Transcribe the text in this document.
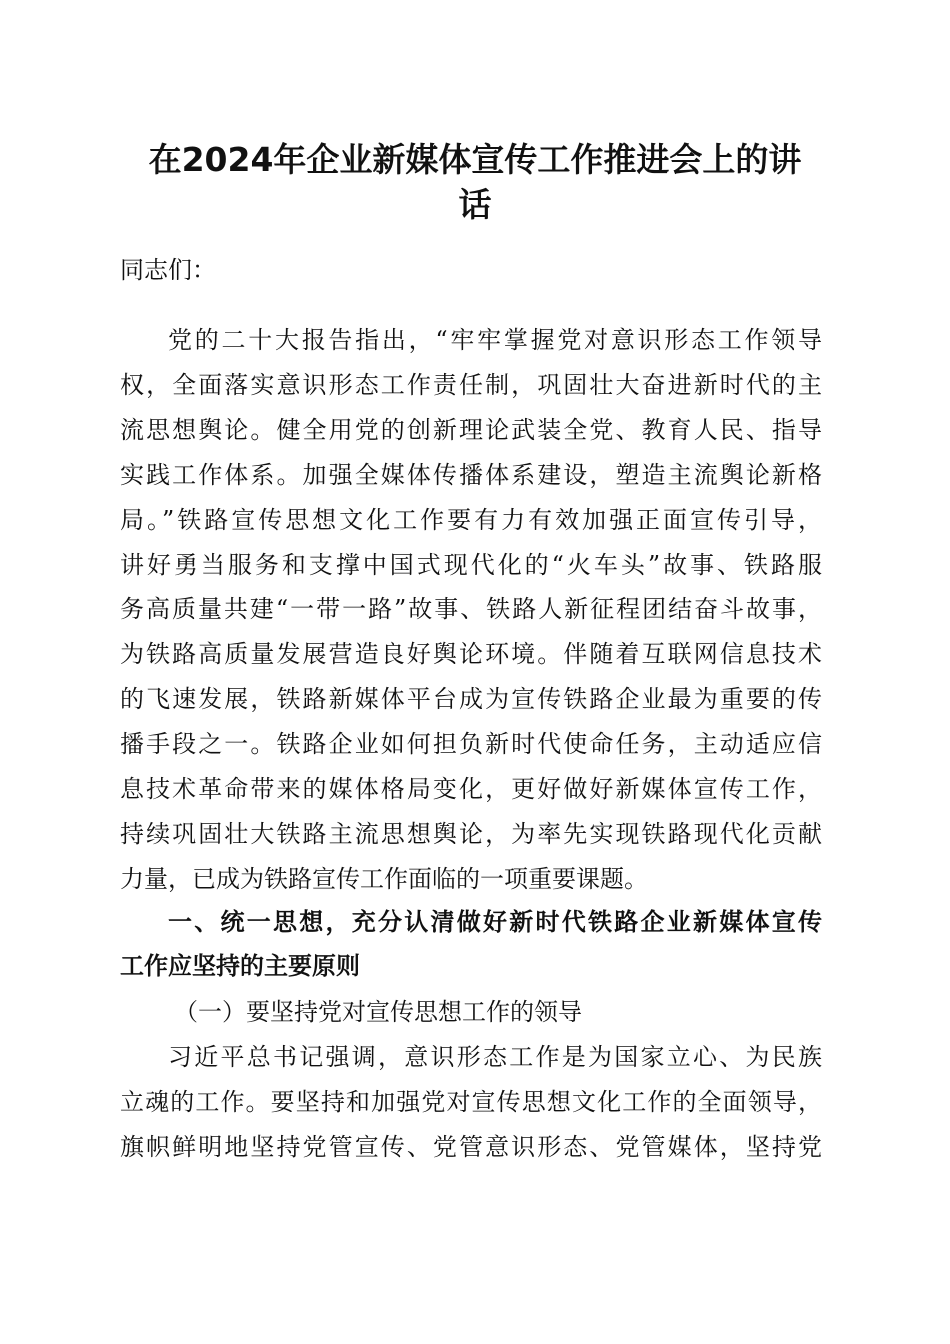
在2024年企业新媒体宣传工作推进会上的讲
话
同志们：
党的二十大报告指出，“牢牢掌握党对意识形态工作领导
权，全面落实意识形态工作责任制，巩固壮大奋进新时代的主
流思想舆论。健全用党的创新理论武装全党、教育人民、指导
实践工作体系。加强全媒体传播体系建设，塑造主流舆论新格
局。”铁路宣传思想文化工作要有力有效加强正面宣传引导，
讲好勇当服务和支撑中国式现代化的“火车头”故事、铁路服
务高质量共建“一带一路”故事、铁路人新征程团结奋斗故事，
为铁路高质量发展营造良好舆论环境。伴随着互联网信息技术
的飞速发展，铁路新媒体平台成为宣传铁路企业最为重要的传
播手段之一。铁路企业如何担负新时代使命任务，主动适应信
息技术革命带来的媒体格局变化，更好做好新媒体宣传工作，
持续巩固壮大铁路主流思想舆论，为率先实现铁路现代化贡献
力量，已成为铁路宣传工作面临的一项重要课题。
一、统一思想，充分认清做好新时代铁路企业新媒体宣传
工作应坚持的主要原则
（一）要坚持党对宣传思想工作的领导
习近平总书记强调，意识形态工作是为国家立心、为民族
立魂的工作。要坚持和加强党对宣传思想文化工作的全面领导，
旗帜鲜明地坚持党管宣传、党管意识形态、党管媒体，坚持党
